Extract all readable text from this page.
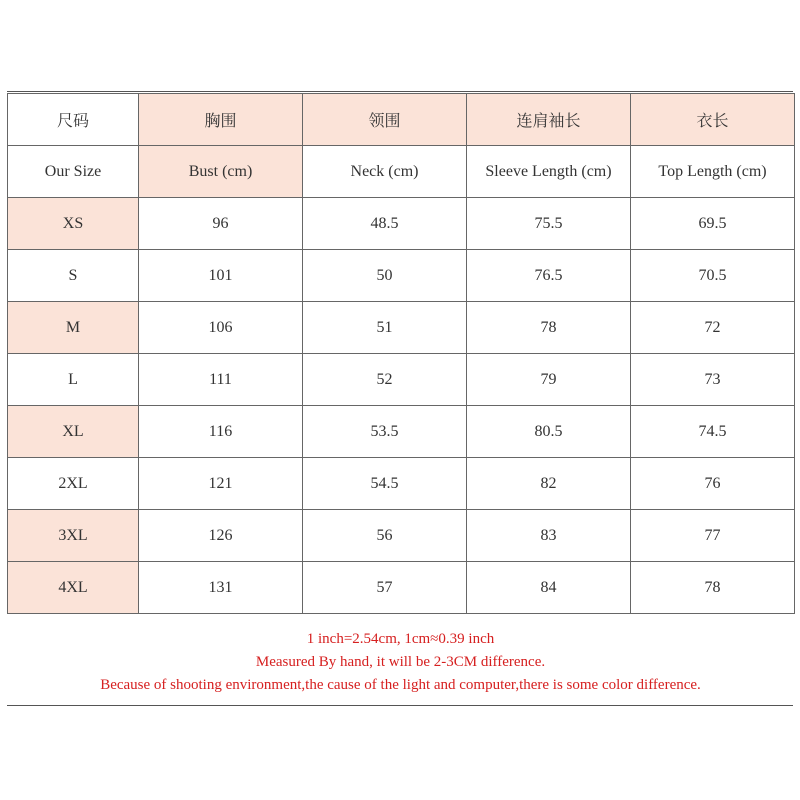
尺码	胸围	领围	连肩袖长	衣长
Our Size	Bust (cm)	Neck (cm)	Sleeve Length (cm)	Top Length (cm)
XS	96	48.5	75.5	69.5
S	101	50	76.5	70.5
M	106	51	78	72
L	111	52	79	73
XL	116	53.5	80.5	74.5
2XL	121	54.5	82	76
3XL	126	56	83	77
4XL	131	57	84	78
1 inch=2.54cm, 1cm≈0.39 inch
Measured By hand, it will be 2-3CM difference.
Because of shooting environment,the cause of the light and computer,there is some color difference.
